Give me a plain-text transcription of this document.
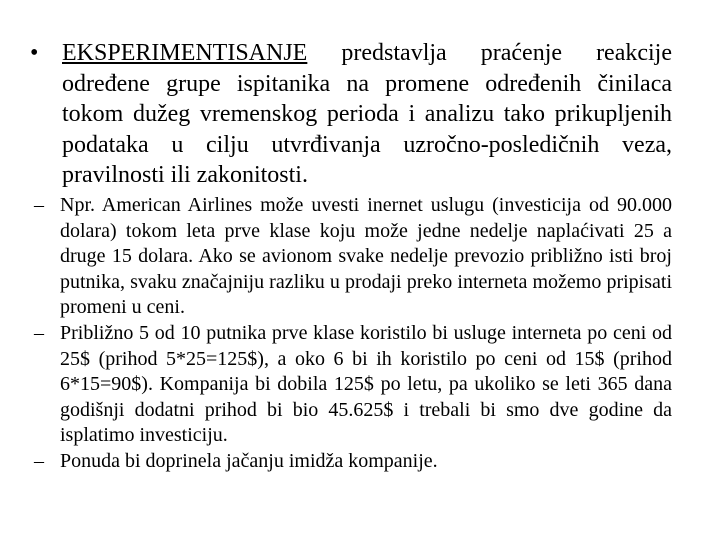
• EKSPERIMENTISANJE predstavlja praćenje reakcije određene grupe ispitanika na promene određenih činilaca tokom dužeg vremenskog perioda i analizu tako prikupljenih podataka u cilju utvrđivanja uzročno-posledičnih veza, pravilnosti ili zakonitosti.
– Npr. American Airlines može uvesti inernet uslugu (investicija od 90.000 dolara) tokom leta prve klase koju može jedne nedelje naplaćivati 25 a druge 15 dolara. Ako se avionom svake nedelje prevozio približno isti broj putnika, svaku značajniju razliku u prodaji preko interneta možemo pripisati promeni u ceni.
– Približno 5 od 10 putnika prve klase koristilo bi usluge interneta po ceni od 25$ (prihod 5*25=125$), a oko 6 bi ih koristilo po ceni od 15$ (prihod 6*15=90$). Kompanija bi dobila 125$ po letu, pa ukoliko se leti 365 dana godišnji dodatni prihod bi bio 45.625$ i trebali bi smo dve godine da isplatimo investiciju.
– Ponuda bi doprinela jačanju imidža kompanije.
